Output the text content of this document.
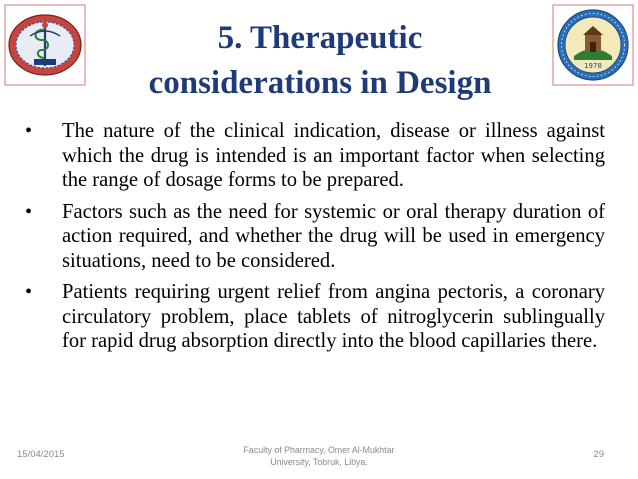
1978
5. Therapeutic
considerations in Design
• The nature of the clinical indication, disease or illness against which the drug is intended is an important factor when selecting the range of dosage forms to be prepared.
• Factors such as the need for systemic or oral therapy duration of action required, and whether the drug will be used in emergency situations, need to be considered.
• Patients requiring urgent relief from angina pectoris, a coronary circulatory problem, place tablets of nitroglycerin sublingually for rapid drug absorption directly into the blood capillaries there.
15/04/2015	Faculty of Pharmacy, Omer Al-Mukhtar
University, Tobruk, Libya.
29
